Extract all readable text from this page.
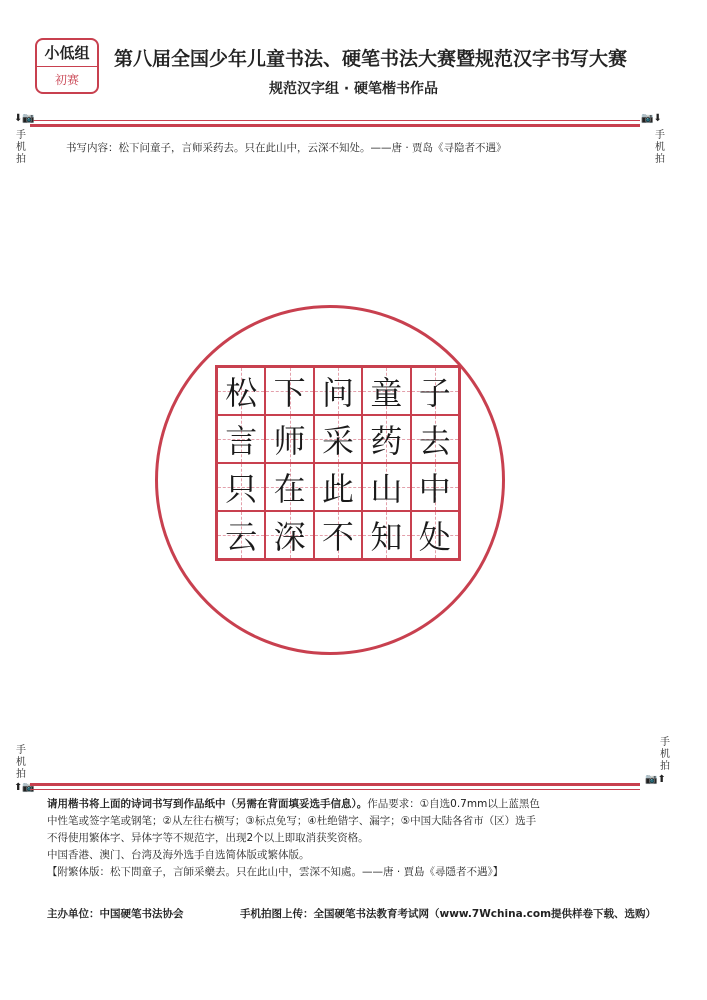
小低组
初赛
第八届全国少年儿童书法、硬笔书法大赛暨规范汉字书写大赛
规范汉字组 · 硬笔楷书作品
⬇📷
手
机
拍
📷⬇
手
机
拍
书写内容：松下问童子，言师采药去。只在此山中，云深不知处。——唐 · 贾岛《寻隐者不遇》
松 下 问 童 子
言 师 采 药 去
只 在 此 山 中
云 深 不 知 处
手
机
拍
⬆📷
手
机
拍
📷⬆

请用楷书将上面的诗词书写到作品纸中（另需在背面填妥选手信息）。作品要求：①自选0.7mm以上蓝黑色

中性笔或签字笔或钢笔；②从左往右横写；③标点免写；④杜绝错字、漏字；⑤中国大陆各省市（区）选手

不得使用繁体字、异体字等不规范字，出现2个以上即取消获奖资格。

中国香港、澳门、台湾及海外选手自选简体版或繁体版。

【附繁体版：松下問童子，言師采藥去。只在此山中，雲深不知處。——唐 · 賈島《尋隱者不遇》】

主办单位：中国硬笔书法协会	手机拍图上传：全国硬笔书法教育考试网（www.7Wchina.com提供样卷下载、选购）
